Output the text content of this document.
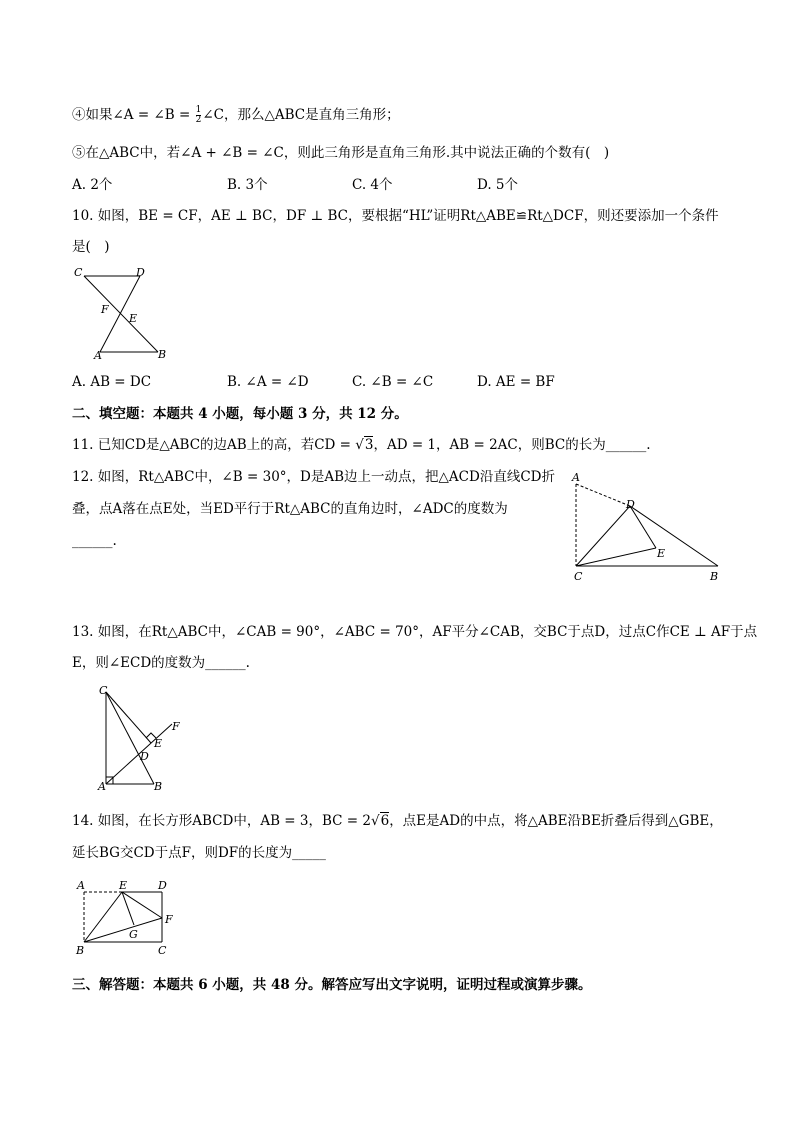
④如果∠A = ∠B = $\frac{1}{2}$ ∠C，那么△ABC是直角三角形；
⑤在△ABC中，若∠A + ∠B = ∠C，则此三角形是直角三角形.其中说法正确的个数有(　)
A. 2个	B. 3个	C. 4个	D. 5个
10. 如图，BE = CF，AE ⊥ BC，DF ⊥ BC，要根据“HL”证明Rt△ABE≌Rt△DCF，则还要添加一个条件
是(　)
C	D
F
E
A	B
A. AB = DC	B. ∠A = ∠D	C. ∠B = ∠C	D. AE = BF
二、填空题：本题共 4 小题，每小题 3 分，共 12 分。
11. 已知CD是△ABC的边AB上的高，若CD = √3，AD = 1，AB = 2AC，则BC的长为______.
12. 如图，Rt△ABC中，∠B = 30°，D是AB边上一动点，把△ACD沿直线CD折
叠，点A落在点E处，当ED平行于Rt△ABC的直角边时，∠ADC的度数为
______.
A
D
E
C	B
13. 如图，在Rt△ABC中，∠CAB = 90°，∠ABC = 70°，AF平分∠CAB，交BC于点D，过点C作CE ⊥ AF于点
E，则∠ECD的度数为______.
C
F
E
D
A	B
14. 如图，在长方形ABCD中，AB = 3，BC = 2√6，点E是AD的中点，将△ABE沿BE折叠后得到△GBE，
延长BG交CD于点F，则DF的长度为_____
A	E	D
F
G
B	C
三、解答题：本题共 6 小题，共 48 分。解答应写出文字说明，证明过程或演算步骤。
